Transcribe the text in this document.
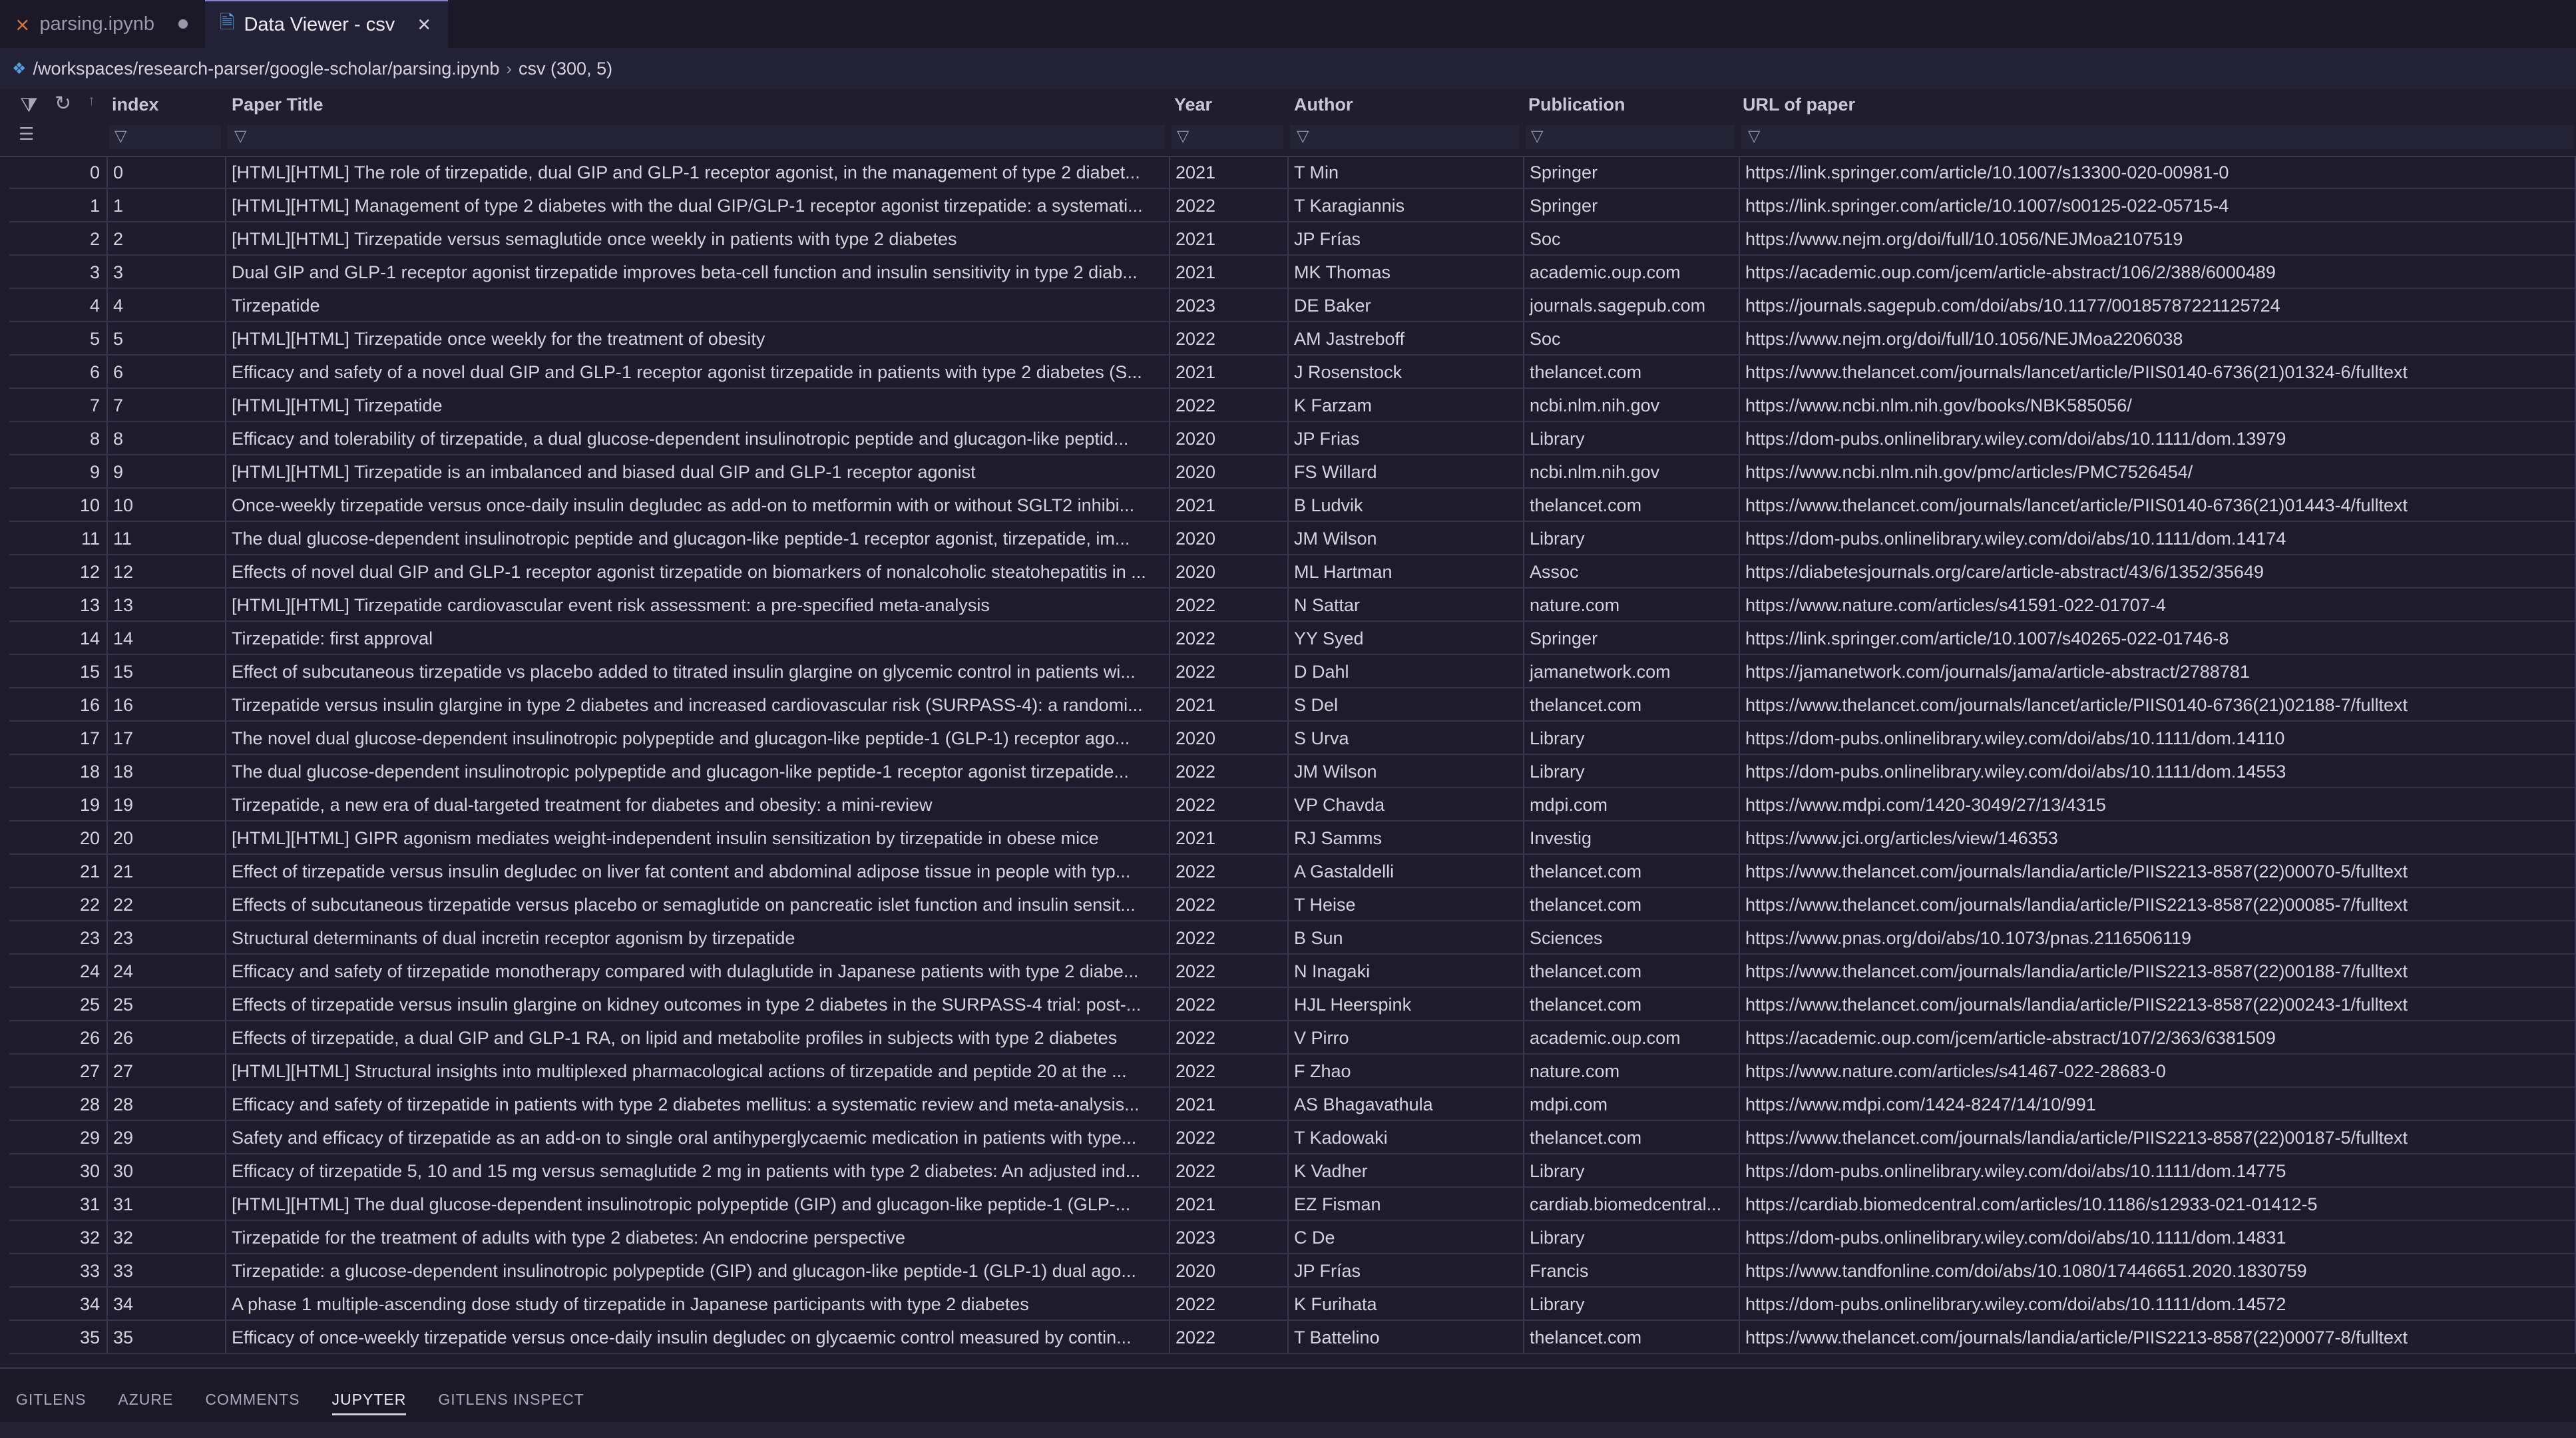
⨯ parsing.ipynb	🗎 Data Viewer - csv ×
❖ /workspaces/research-parser/google-scholar/parsing.ipynb › csv (300, 5)
⧩ ↻ ↑
☰
index	Paper Title	Year	Author	Publication	URL of paper
▽	▽	▽	▽	▽	▽
0 0	[HTML][HTML] The role of tirzepatide, dual GIP and GLP-1 receptor agonist, in the management of type 2 diabet...	2021	T Min	Springer	https://link.springer.com/article/10.1007/s13300-020-00981-0
1 1	[HTML][HTML] Management of type 2 diabetes with the dual GIP/GLP-1 receptor agonist tirzepatide: a systemati...	2022	T Karagiannis	Springer	https://link.springer.com/article/10.1007/s00125-022-05715-4
2 2	[HTML][HTML] Tirzepatide versus semaglutide once weekly in patients with type 2 diabetes	2021	JP Frías	Soc	https://www.nejm.org/doi/full/10.1056/NEJMoa2107519
3 3	Dual GIP and GLP-1 receptor agonist tirzepatide improves beta-cell function and insulin sensitivity in type 2 diab...	2021	MK Thomas	academic.oup.com	https://academic.oup.com/jcem/article-abstract/106/2/388/6000489
4 4	Tirzepatide	2023	DE Baker	journals.sagepub.com	https://journals.sagepub.com/doi/abs/10.1177/00185787221125724
5 5	[HTML][HTML] Tirzepatide once weekly for the treatment of obesity	2022	AM Jastreboff	Soc	https://www.nejm.org/doi/full/10.1056/NEJMoa2206038
6 6	Efficacy and safety of a novel dual GIP and GLP-1 receptor agonist tirzepatide in patients with type 2 diabetes (S...	2021	J Rosenstock	thelancet.com	https://www.thelancet.com/journals/lancet/article/PIIS0140-6736(21)01324-6/fulltext
7 7	[HTML][HTML] Tirzepatide	2022	K Farzam	ncbi.nlm.nih.gov	https://www.ncbi.nlm.nih.gov/books/NBK585056/
8 8	Efficacy and tolerability of tirzepatide, a dual glucose-dependent insulinotropic peptide and glucagon-like peptid...	2020	JP Frias	Library	https://dom-pubs.onlinelibrary.wiley.com/doi/abs/10.1111/dom.13979
9 9	[HTML][HTML] Tirzepatide is an imbalanced and biased dual GIP and GLP-1 receptor agonist	2020	FS Willard	ncbi.nlm.nih.gov	https://www.ncbi.nlm.nih.gov/pmc/articles/PMC7526454/
10 10	Once-weekly tirzepatide versus once-daily insulin degludec as add-on to metformin with or without SGLT2 inhibi...	2021	B Ludvik	thelancet.com	https://www.thelancet.com/journals/lancet/article/PIIS0140-6736(21)01443-4/fulltext
11 11	The dual glucose-dependent insulinotropic peptide and glucagon-like peptide-1 receptor agonist, tirzepatide, im...	2020	JM Wilson	Library	https://dom-pubs.onlinelibrary.wiley.com/doi/abs/10.1111/dom.14174
12 12	Effects of novel dual GIP and GLP-1 receptor agonist tirzepatide on biomarkers of nonalcoholic steatohepatitis in ...	2020	ML Hartman	Assoc	https://diabetesjournals.org/care/article-abstract/43/6/1352/35649
13 13	[HTML][HTML] Tirzepatide cardiovascular event risk assessment: a pre-specified meta-analysis	2022	N Sattar	nature.com	https://www.nature.com/articles/s41591-022-01707-4
14 14	Tirzepatide: first approval	2022	YY Syed	Springer	https://link.springer.com/article/10.1007/s40265-022-01746-8
15 15	Effect of subcutaneous tirzepatide vs placebo added to titrated insulin glargine on glycemic control in patients wi...	2022	D Dahl	jamanetwork.com	https://jamanetwork.com/journals/jama/article-abstract/2788781
16 16	Tirzepatide versus insulin glargine in type 2 diabetes and increased cardiovascular risk (SURPASS-4): a randomi...	2021	S Del	thelancet.com	https://www.thelancet.com/journals/lancet/article/PIIS0140-6736(21)02188-7/fulltext
17 17	The novel dual glucose-dependent insulinotropic polypeptide and glucagon-like peptide-1 (GLP-1) receptor ago...	2020	S Urva	Library	https://dom-pubs.onlinelibrary.wiley.com/doi/abs/10.1111/dom.14110
18 18	The dual glucose-dependent insulinotropic polypeptide and glucagon-like peptide-1 receptor agonist tirzepatide...	2022	JM Wilson	Library	https://dom-pubs.onlinelibrary.wiley.com/doi/abs/10.1111/dom.14553
19 19	Tirzepatide, a new era of dual-targeted treatment for diabetes and obesity: a mini-review	2022	VP Chavda	mdpi.com	https://www.mdpi.com/1420-3049/27/13/4315
20 20	[HTML][HTML] GIPR agonism mediates weight-independent insulin sensitization by tirzepatide in obese mice	2021	RJ Samms	Investig	https://www.jci.org/articles/view/146353
21 21	Effect of tirzepatide versus insulin degludec on liver fat content and abdominal adipose tissue in people with typ...	2022	A Gastaldelli	thelancet.com	https://www.thelancet.com/journals/landia/article/PIIS2213-8587(22)00070-5/fulltext
22 22	Effects of subcutaneous tirzepatide versus placebo or semaglutide on pancreatic islet function and insulin sensit...	2022	T Heise	thelancet.com	https://www.thelancet.com/journals/landia/article/PIIS2213-8587(22)00085-7/fulltext
23 23	Structural determinants of dual incretin receptor agonism by tirzepatide	2022	B Sun	Sciences	https://www.pnas.org/doi/abs/10.1073/pnas.2116506119
24 24	Efficacy and safety of tirzepatide monotherapy compared with dulaglutide in Japanese patients with type 2 diabe...	2022	N Inagaki	thelancet.com	https://www.thelancet.com/journals/landia/article/PIIS2213-8587(22)00188-7/fulltext
25 25	Effects of tirzepatide versus insulin glargine on kidney outcomes in type 2 diabetes in the SURPASS-4 trial: post-...	2022	HJL Heerspink	thelancet.com	https://www.thelancet.com/journals/landia/article/PIIS2213-8587(22)00243-1/fulltext
26 26	Effects of tirzepatide, a dual GIP and GLP-1 RA, on lipid and metabolite profiles in subjects with type 2 diabetes	2022	V Pirro	academic.oup.com	https://academic.oup.com/jcem/article-abstract/107/2/363/6381509
27 27	[HTML][HTML] Structural insights into multiplexed pharmacological actions of tirzepatide and peptide 20 at the ...	2022	F Zhao	nature.com	https://www.nature.com/articles/s41467-022-28683-0
28 28	Efficacy and safety of tirzepatide in patients with type 2 diabetes mellitus: a systematic review and meta-analysis...	2021	AS Bhagavathula	mdpi.com	https://www.mdpi.com/1424-8247/14/10/991
29 29	Safety and efficacy of tirzepatide as an add-on to single oral antihyperglycaemic medication in patients with type...	2022	T Kadowaki	thelancet.com	https://www.thelancet.com/journals/landia/article/PIIS2213-8587(22)00187-5/fulltext
30 30	Efficacy of tirzepatide 5, 10 and 15 mg versus semaglutide 2 mg in patients with type 2 diabetes: An adjusted ind...	2022	K Vadher	Library	https://dom-pubs.onlinelibrary.wiley.com/doi/abs/10.1111/dom.14775
31 31	[HTML][HTML] The dual glucose-dependent insulinotropic polypeptide (GIP) and glucagon-like peptide-1 (GLP-...	2021	EZ Fisman	cardiab.biomedcentral...	https://cardiab.biomedcentral.com/articles/10.1186/s12933-021-01412-5
32 32	Tirzepatide for the treatment of adults with type 2 diabetes: An endocrine perspective	2023	C De	Library	https://dom-pubs.onlinelibrary.wiley.com/doi/abs/10.1111/dom.14831
33 33	Tirzepatide: a glucose-dependent insulinotropic polypeptide (GIP) and glucagon-like peptide-1 (GLP-1) dual ago...	2020	JP Frías	Francis	https://www.tandfonline.com/doi/abs/10.1080/17446651.2020.1830759
34 34	A phase 1 multiple-ascending dose study of tirzepatide in Japanese participants with type 2 diabetes	2022	K Furihata	Library	https://dom-pubs.onlinelibrary.wiley.com/doi/abs/10.1111/dom.14572
35 35	Efficacy of once-weekly tirzepatide versus once-daily insulin degludec on glycaemic control measured by contin...	2022	T Battelino	thelancet.com	https://www.thelancet.com/journals/landia/article/PIIS2213-8587(22)00077-8/fulltext
GITLENS	AZURE	COMMENTS	JUPYTER	GITLENS INSPECT
